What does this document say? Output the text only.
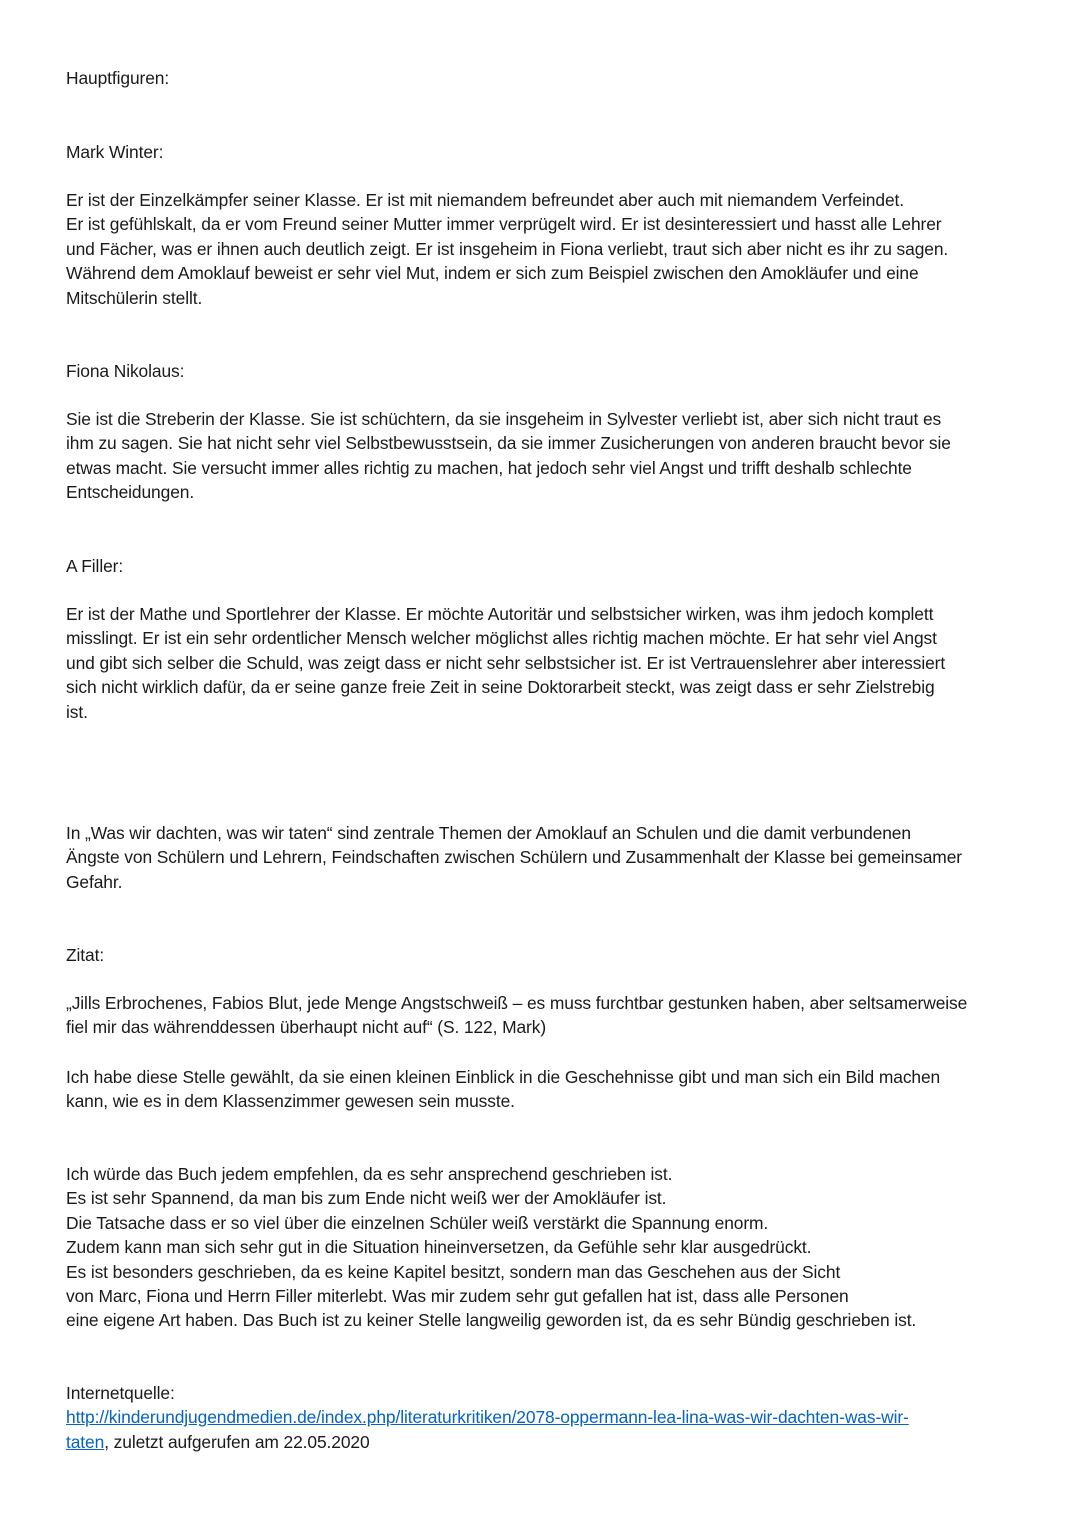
Hauptfiguren:

Mark Winter:

Er ist der Einzelkämpfer seiner Klasse. Er ist mit niemandem befreundet aber auch mit niemandem Verfeindet.

Er ist gefühlskalt, da er vom Freund seiner Mutter immer verprügelt wird. Er ist desinteressiert und hasst alle Lehrer

und Fächer, was er ihnen auch deutlich zeigt. Er ist insgeheim in Fiona verliebt, traut sich aber nicht es ihr zu sagen.

Während dem Amoklauf beweist er sehr viel Mut, indem er sich zum Beispiel zwischen den Amokläufer und eine

Mitschülerin stellt.

Fiona Nikolaus:

Sie ist die Streberin der Klasse. Sie ist schüchtern, da sie insgeheim in Sylvester verliebt ist, aber sich nicht traut es

ihm zu sagen. Sie hat nicht sehr viel Selbstbewusstsein, da sie immer Zusicherungen von anderen braucht bevor sie

etwas macht. Sie versucht immer alles richtig zu machen, hat jedoch sehr viel Angst und trifft deshalb schlechte

Entscheidungen.

A Filler:

Er ist der Mathe und Sportlehrer der Klasse. Er möchte Autoritär und selbstsicher wirken, was ihm jedoch komplett

misslingt. Er ist ein sehr ordentlicher Mensch welcher möglichst alles richtig machen möchte. Er hat sehr viel Angst

und gibt sich selber die Schuld, was zeigt dass er nicht sehr selbstsicher ist. Er ist Vertrauenslehrer aber interessiert

sich nicht wirklich dafür, da er seine ganze freie Zeit in seine Doktorarbeit steckt, was zeigt dass er sehr Zielstrebig

ist.

In „Was wir dachten, was wir taten“ sind zentrale Themen der Amoklauf an Schulen und die damit verbundenen

Ängste von Schülern und Lehrern, Feindschaften zwischen Schülern und Zusammenhalt der Klasse bei gemeinsamer

Gefahr.

Zitat:

„Jills Erbrochenes, Fabios Blut, jede Menge Angstschweiß – es muss furchtbar gestunken haben, aber seltsamerweise

fiel mir das währenddessen überhaupt nicht auf“ (S. 122, Mark)

Ich habe diese Stelle gewählt, da sie einen kleinen Einblick in die Geschehnisse gibt und man sich ein Bild machen

kann, wie es in dem Klassenzimmer gewesen sein musste.

Ich würde das Buch jedem empfehlen, da es sehr ansprechend geschrieben ist.

Es ist sehr Spannend, da man bis zum Ende nicht weiß wer der Amokläufer ist.

Die Tatsache dass er so viel über die einzelnen Schüler weiß verstärkt die Spannung enorm.

Zudem kann man sich sehr gut in die Situation hineinversetzen, da Gefühle sehr klar ausgedrückt.

Es ist besonders geschrieben, da es keine Kapitel besitzt, sondern man das Geschehen aus der Sicht

von Marc, Fiona und Herrn Filler miterlebt. Was mir zudem sehr gut gefallen hat ist, dass alle Personen

eine eigene Art haben. Das Buch ist zu keiner Stelle langweilig geworden ist, da es sehr Bündig geschrieben ist.

Internetquelle:

http://kinderundjugendmedien.de/index.php/literaturkritiken/2078-oppermann-lea-lina-was-wir-dachten-was-wir-

taten, zuletzt aufgerufen am 22.05.2020
